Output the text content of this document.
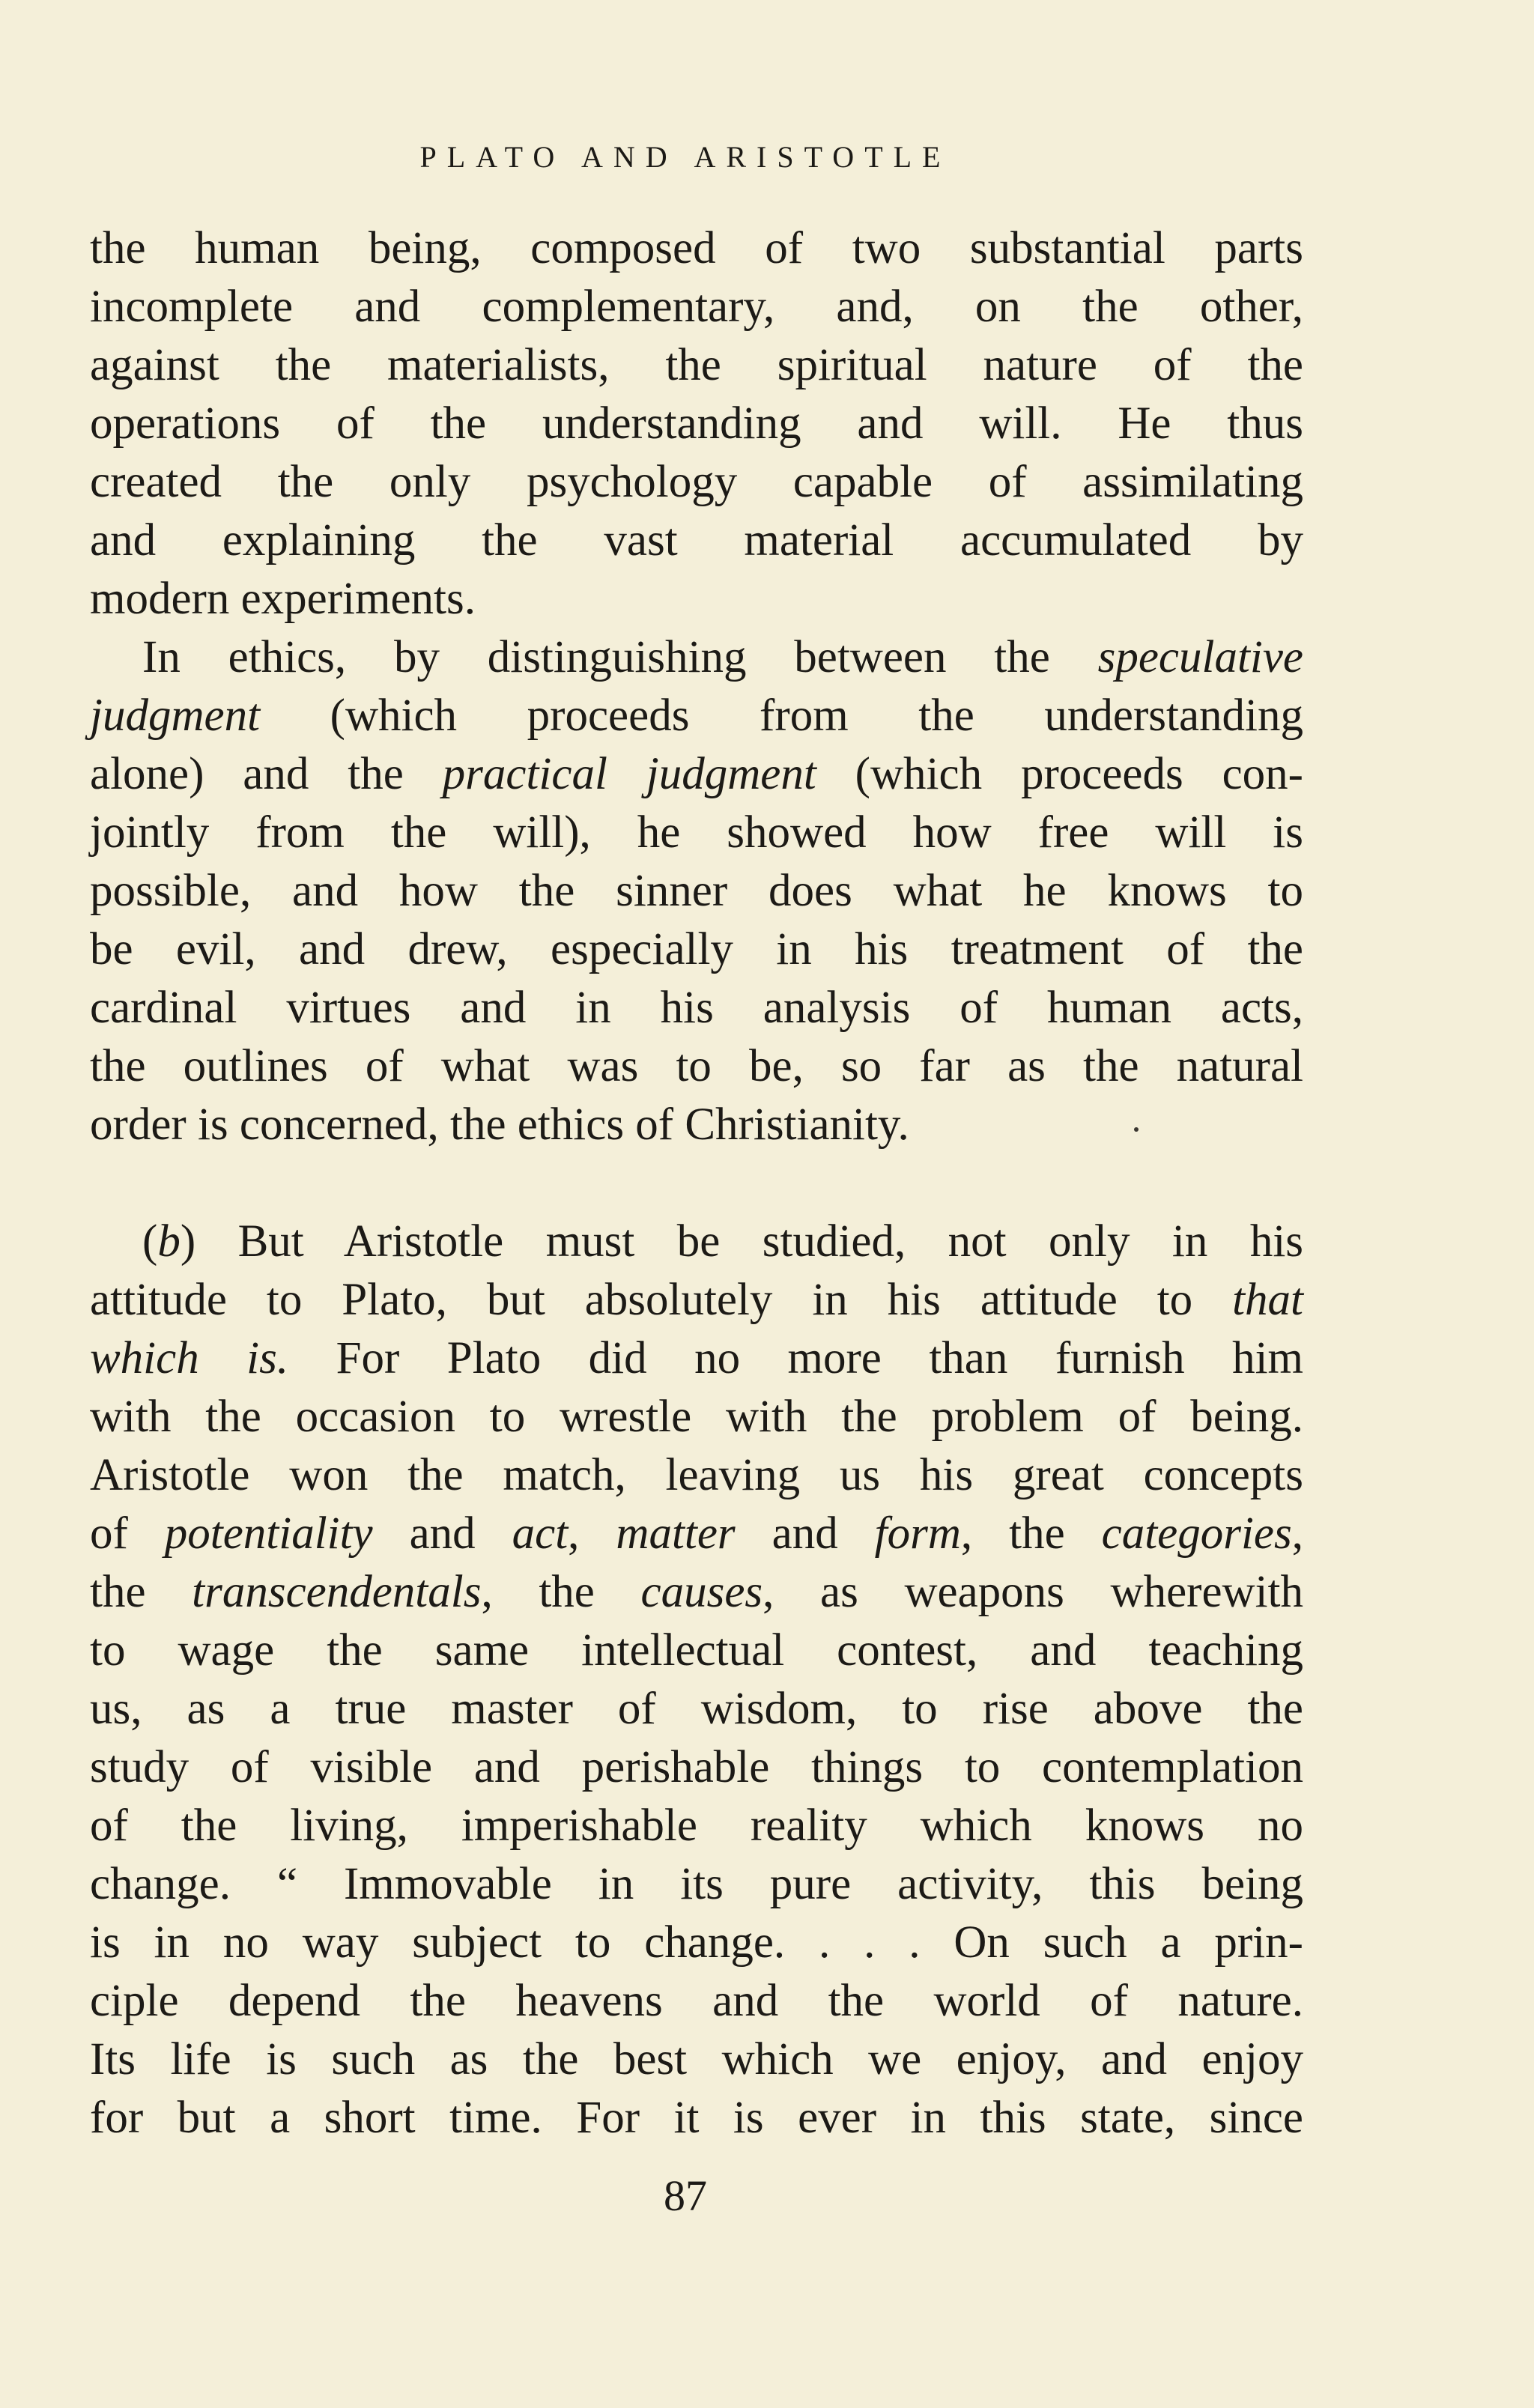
PLATO AND ARISTOTLE
the human being, composed of two substantial parts
incomplete and complementary, and, on the other,
against the materialists, the spiritual nature of the
operations of the understanding and will. He thus
created the only psychology capable of assimilating
and explaining the vast material accumulated by
modern experiments.
In ethics, by distinguishing between the speculative
judgment (which proceeds from the understanding
alone) and the practical judgment (which proceeds con-
jointly from the will), he showed how free will is
possible, and how the sinner does what he knows to
be evil, and drew, especially in his treatment of the
cardinal virtues and in his analysis of human acts,
the outlines of what was to be, so far as the natural
order is concerned, the ethics of Christianity.
(b) But Aristotle must be studied, not only in his
attitude to Plato, but absolutely in his attitude to that
which is. For Plato did no more than furnish him
with the occasion to wrestle with the problem of being.
Aristotle won the match, leaving us his great concepts
of potentiality and act, matter and form, the categories,
the transcendentals, the causes, as weapons wherewith
to wage the same intellectual contest, and teaching
us, as a true master of wisdom, to rise above the
study of visible and perishable things to contemplation
of the living, imperishable reality which knows no
change. “ Immovable in its pure activity, this being
is in no way subject to change. . . . On such a prin-
ciple depend the heavens and the world of nature.
Its life is such as the best which we enjoy, and enjoy
for but a short time. For it is ever in this state, since
87
